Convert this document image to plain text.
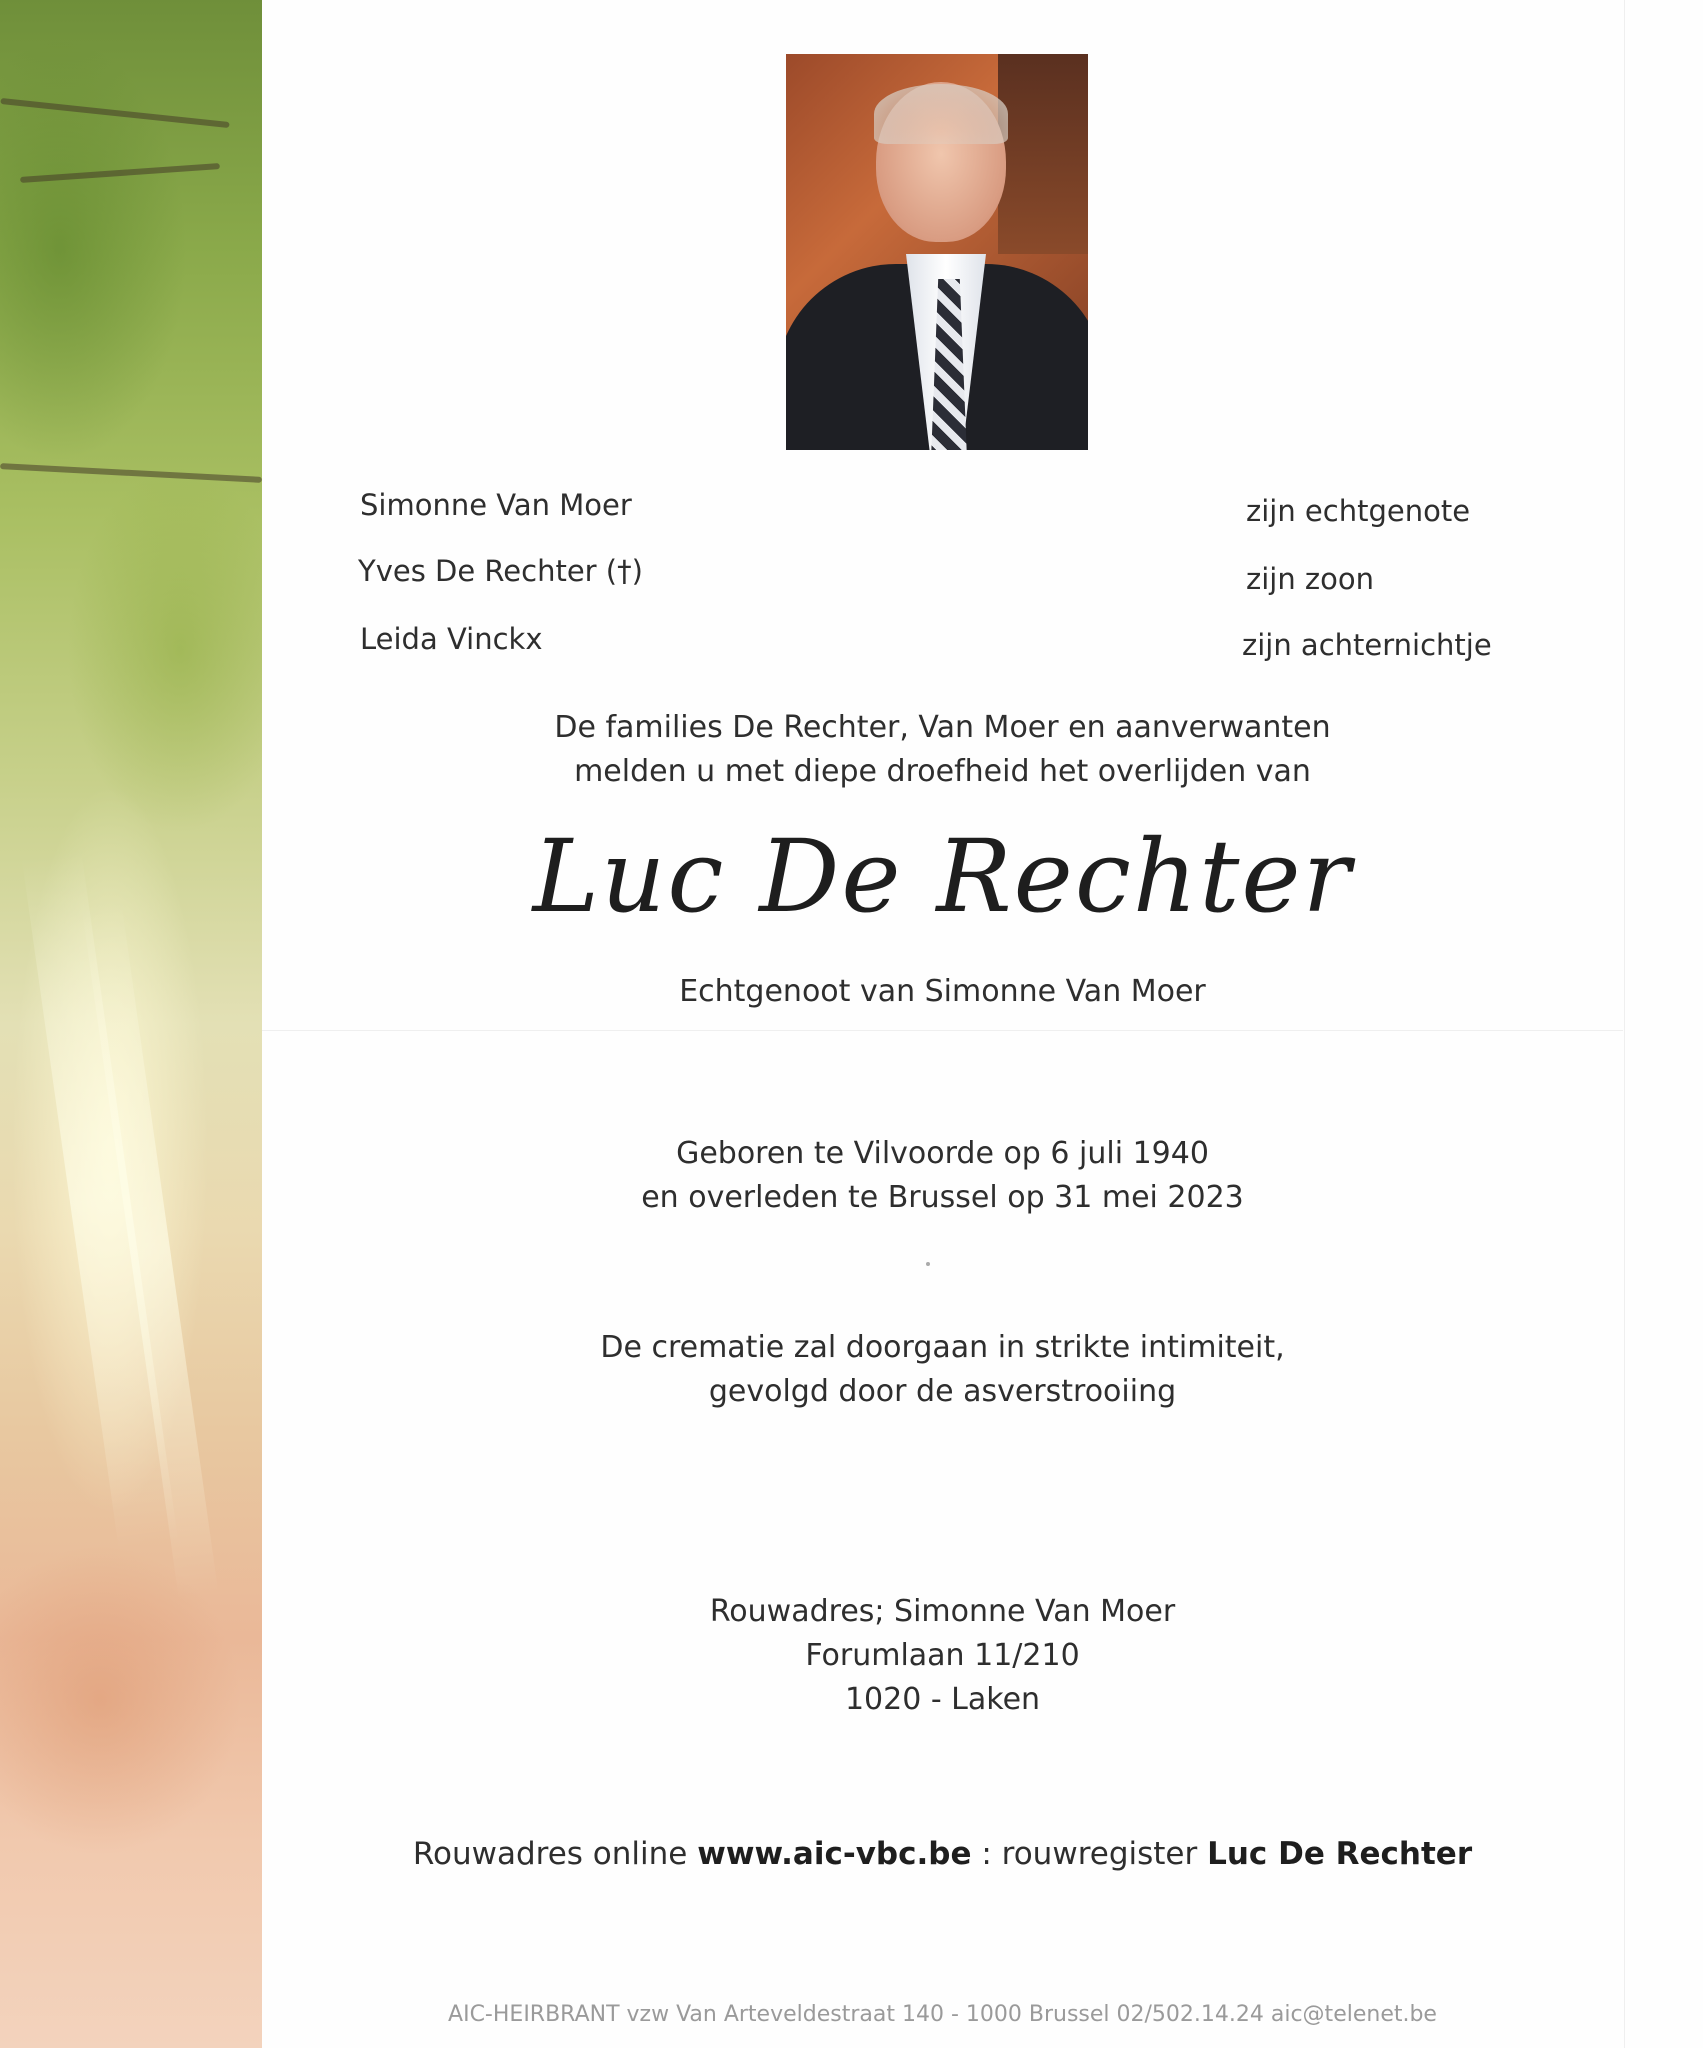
Simonne Van Moer	zijn echtgenote
Yves De Rechter (†)	zijn zoon
Leida Vinckx	zijn achternichtje
De families De Rechter, Van Moer en aanverwanten
melden u met diepe droefheid het overlijden van
Luc De Rechter
Echtgenoot van Simonne Van Moer
Geboren te Vilvoorde op 6 juli 1940
en overleden te Brussel op 31 mei 2023
De crematie zal doorgaan in strikte intimiteit,
gevolgd door de asverstrooiing
Rouwadres; Simonne Van Moer
Forumlaan 11/210
1020 - Laken
Rouwadres online www.aic-vbc.be : rouwregister Luc De Rechter
AIC-HEIRBRANT vzw Van Arteveldestraat 140 - 1000 Brussel 02/502.14.24 aic@telenet.be
